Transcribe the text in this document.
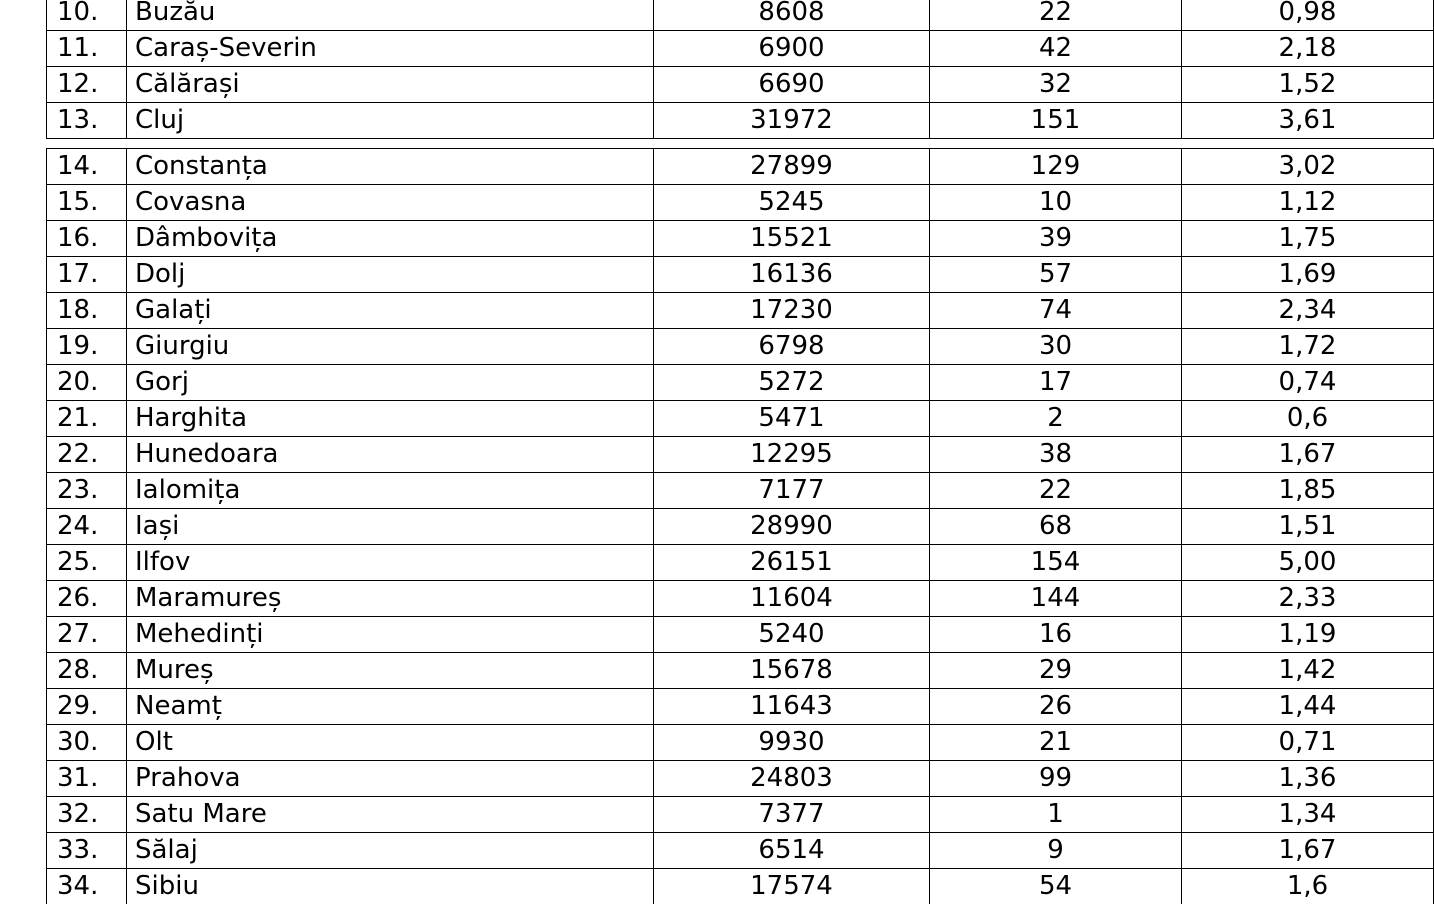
10.	Buzău	8608	22	0,98
11.	Caraș-Severin	6900	42	2,18
12.	Călărași	6690	32	1,52
13.	Cluj	31972	151	3,61
14.	Constanța	27899	129	3,02
15.	Covasna	5245	10	1,12
16.	Dâmbovița	15521	39	1,75
17.	Dolj	16136	57	1,69
18.	Galați	17230	74	2,34
19.	Giurgiu	6798	30	1,72
20.	Gorj	5272	17	0,74
21.	Harghita	5471	2	0,6
22.	Hunedoara	12295	38	1,67
23.	Ialomița	7177	22	1,85
24.	Iași	28990	68	1,51
25.	Ilfov	26151	154	5,00
26.	Maramureș	11604	144	2,33
27.	Mehedinți	5240	16	1,19
28.	Mureș	15678	29	1,42
29.	Neamț	11643	26	1,44
30.	Olt	9930	21	0,71
31.	Prahova	24803	99	1,36
32.	Satu Mare	7377	1	1,34
33.	Sălaj	6514	9	1,67
34.	Sibiu	17574	54	1,6
